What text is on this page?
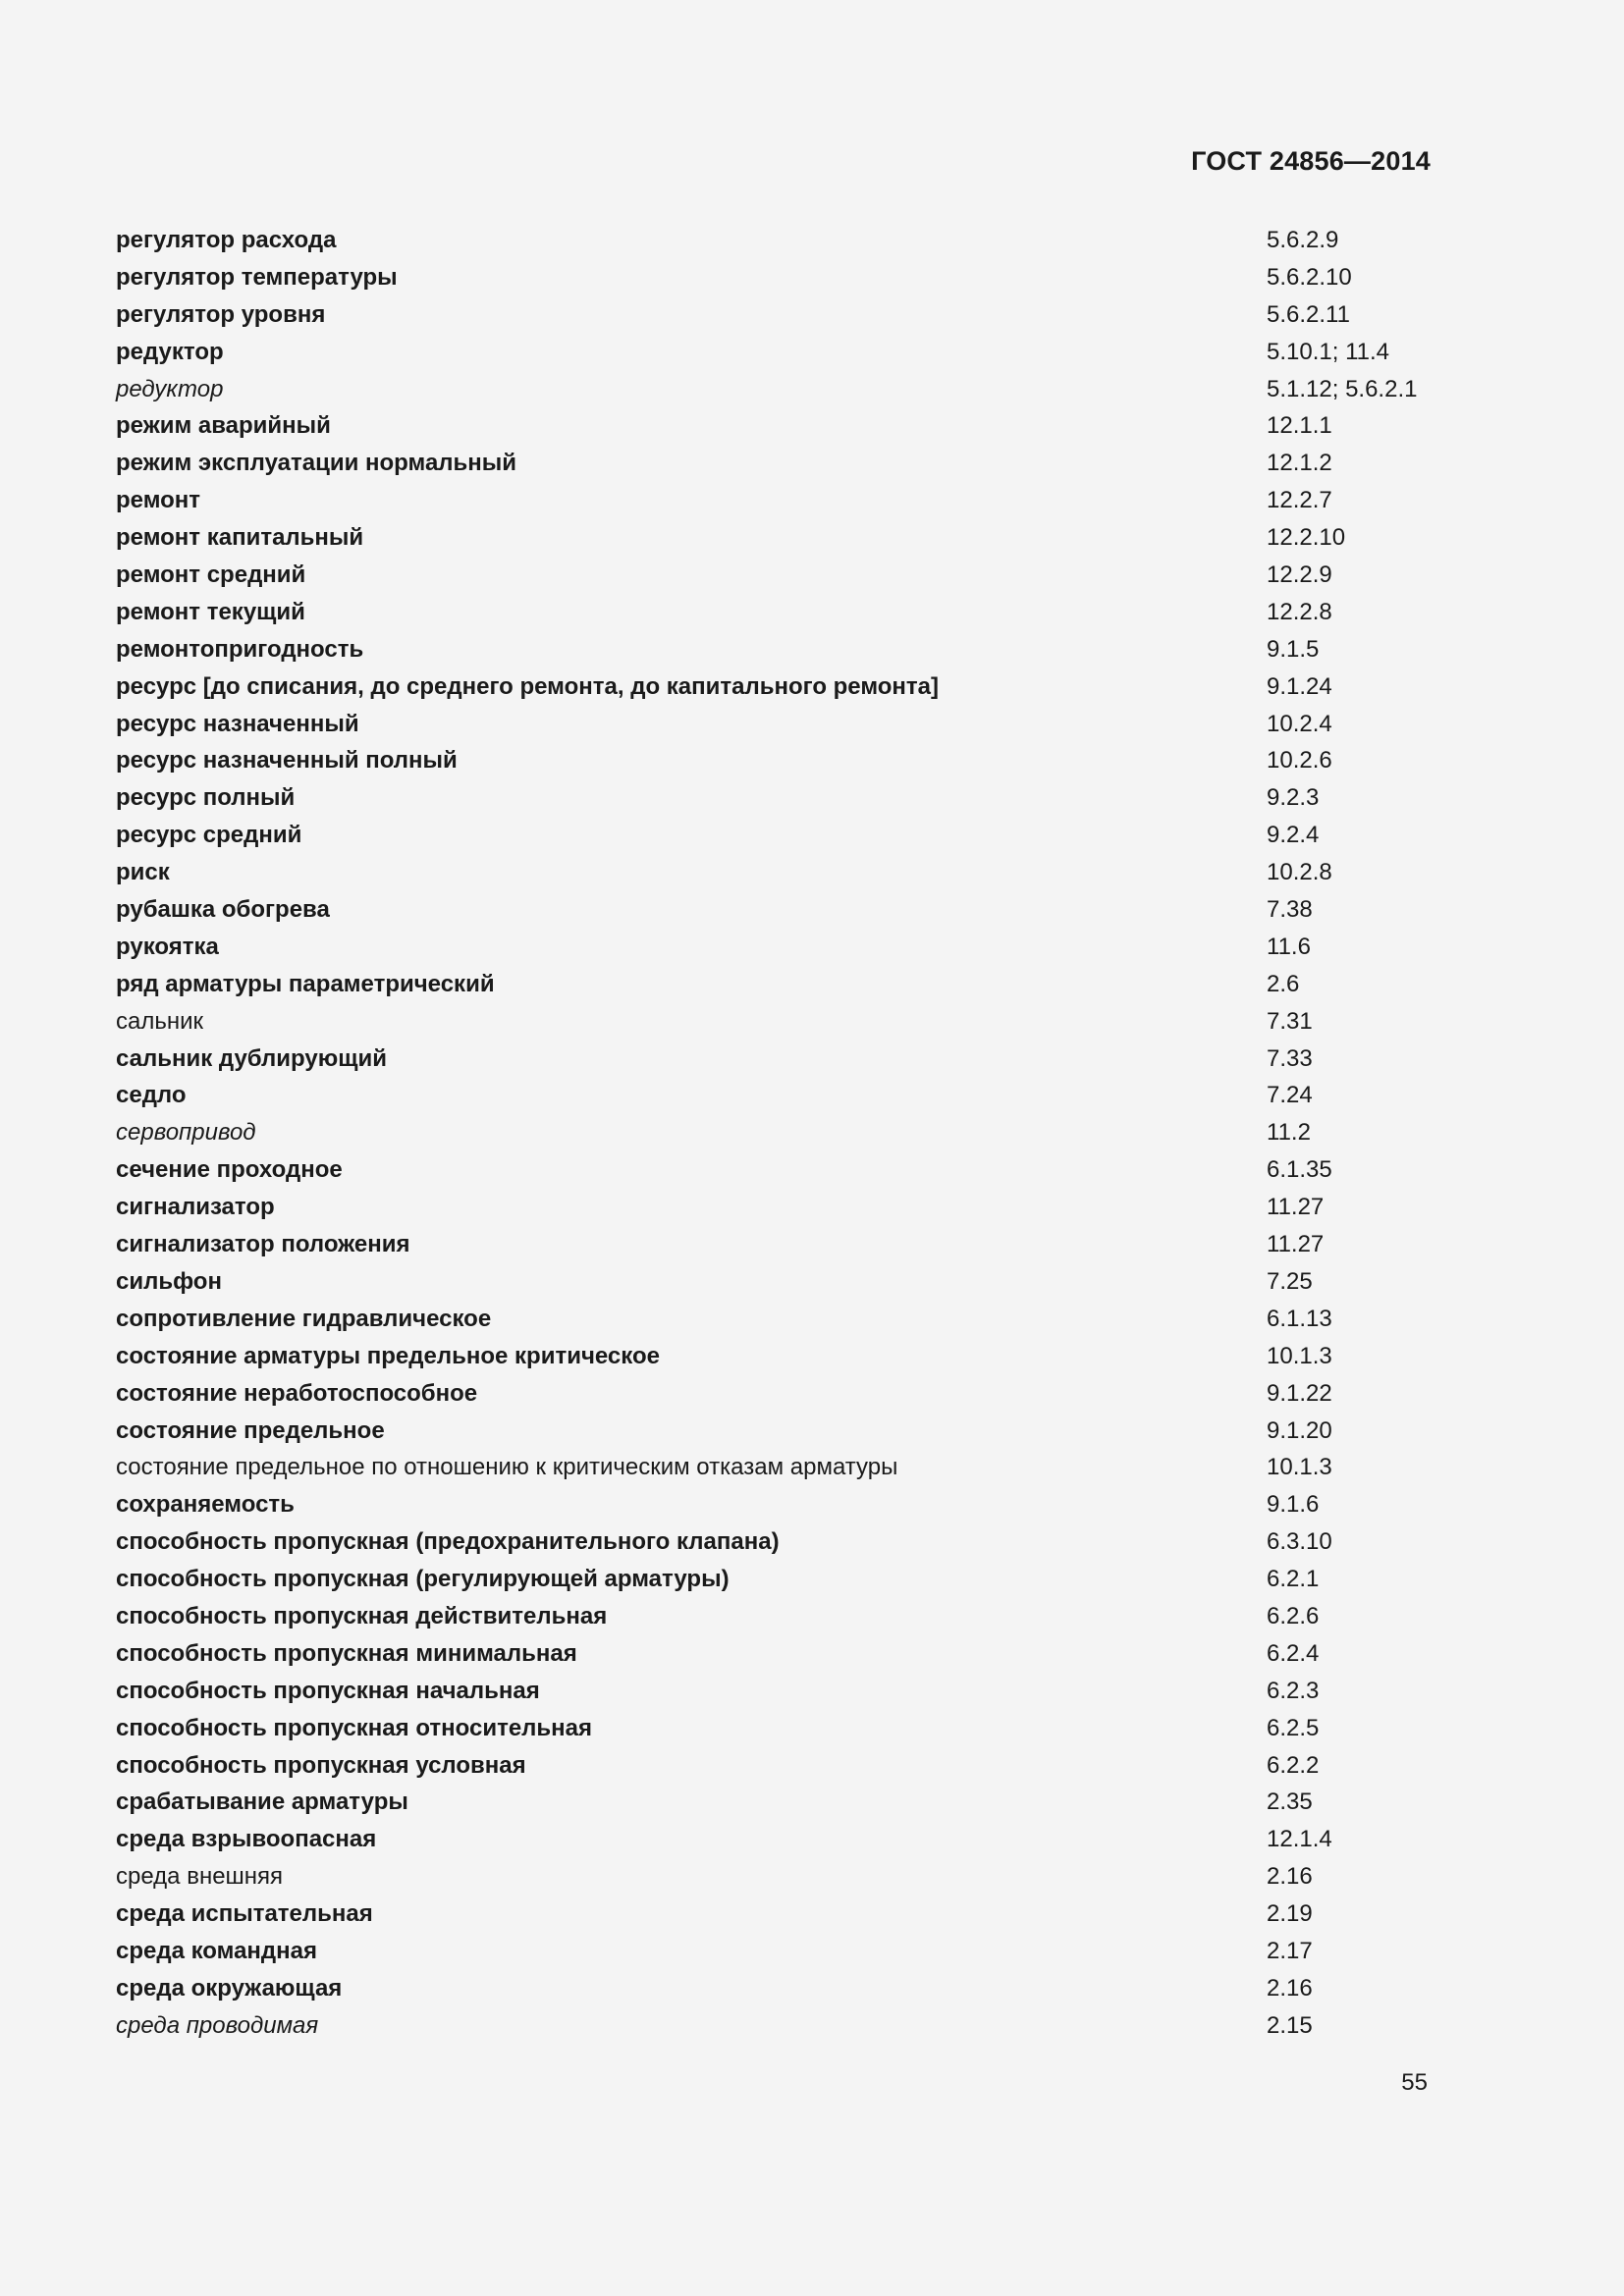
ГОСТ 24856—2014
регулятор расхода	5.6.2.9
регулятор температуры	5.6.2.10
регулятор уровня	5.6.2.11
редуктор	5.10.1; 11.4
редуктор	5.1.12; 5.6.2.1
режим аварийный	12.1.1
режим эксплуатации нормальный	12.1.2
ремонт	12.2.7
ремонт капитальный	12.2.10
ремонт средний	12.2.9
ремонт текущий	12.2.8
ремонтопригодность	9.1.5
ресурс [до списания, до среднего ремонта, до капитального ремонта]	9.1.24
ресурс назначенный	10.2.4
ресурс назначенный полный	10.2.6
ресурс полный	9.2.3
ресурс средний	9.2.4
риск	10.2.8
рубашка обогрева	7.38
рукоятка	11.6
ряд арматуры параметрический	2.6
сальник	7.31
сальник дублирующий	7.33
седло	7.24
сервопривод	11.2
сечение проходное	6.1.35
сигнализатор	11.27
сигнализатор положения	11.27
сильфон	7.25
сопротивление гидравлическое	6.1.13
состояние арматуры предельное критическое	10.1.3
состояние неработоспособное	9.1.22
состояние предельное	9.1.20
состояние предельное по отношению к критическим отказам арматуры	10.1.3
сохраняемость	9.1.6
способность пропускная (предохранительного клапана)	6.3.10
способность пропускная (регулирующей арматуры)	6.2.1
способность пропускная действительная	6.2.6
способность пропускная минимальная	6.2.4
способность пропускная начальная	6.2.3
способность пропускная относительная	6.2.5
способность пропускная условная	6.2.2
срабатывание арматуры	2.35
среда взрывоопасная	12.1.4
среда внешняя	2.16
среда испытательная	2.19
среда командная	2.17
среда окружающая	2.16
среда проводимая	2.15
55
